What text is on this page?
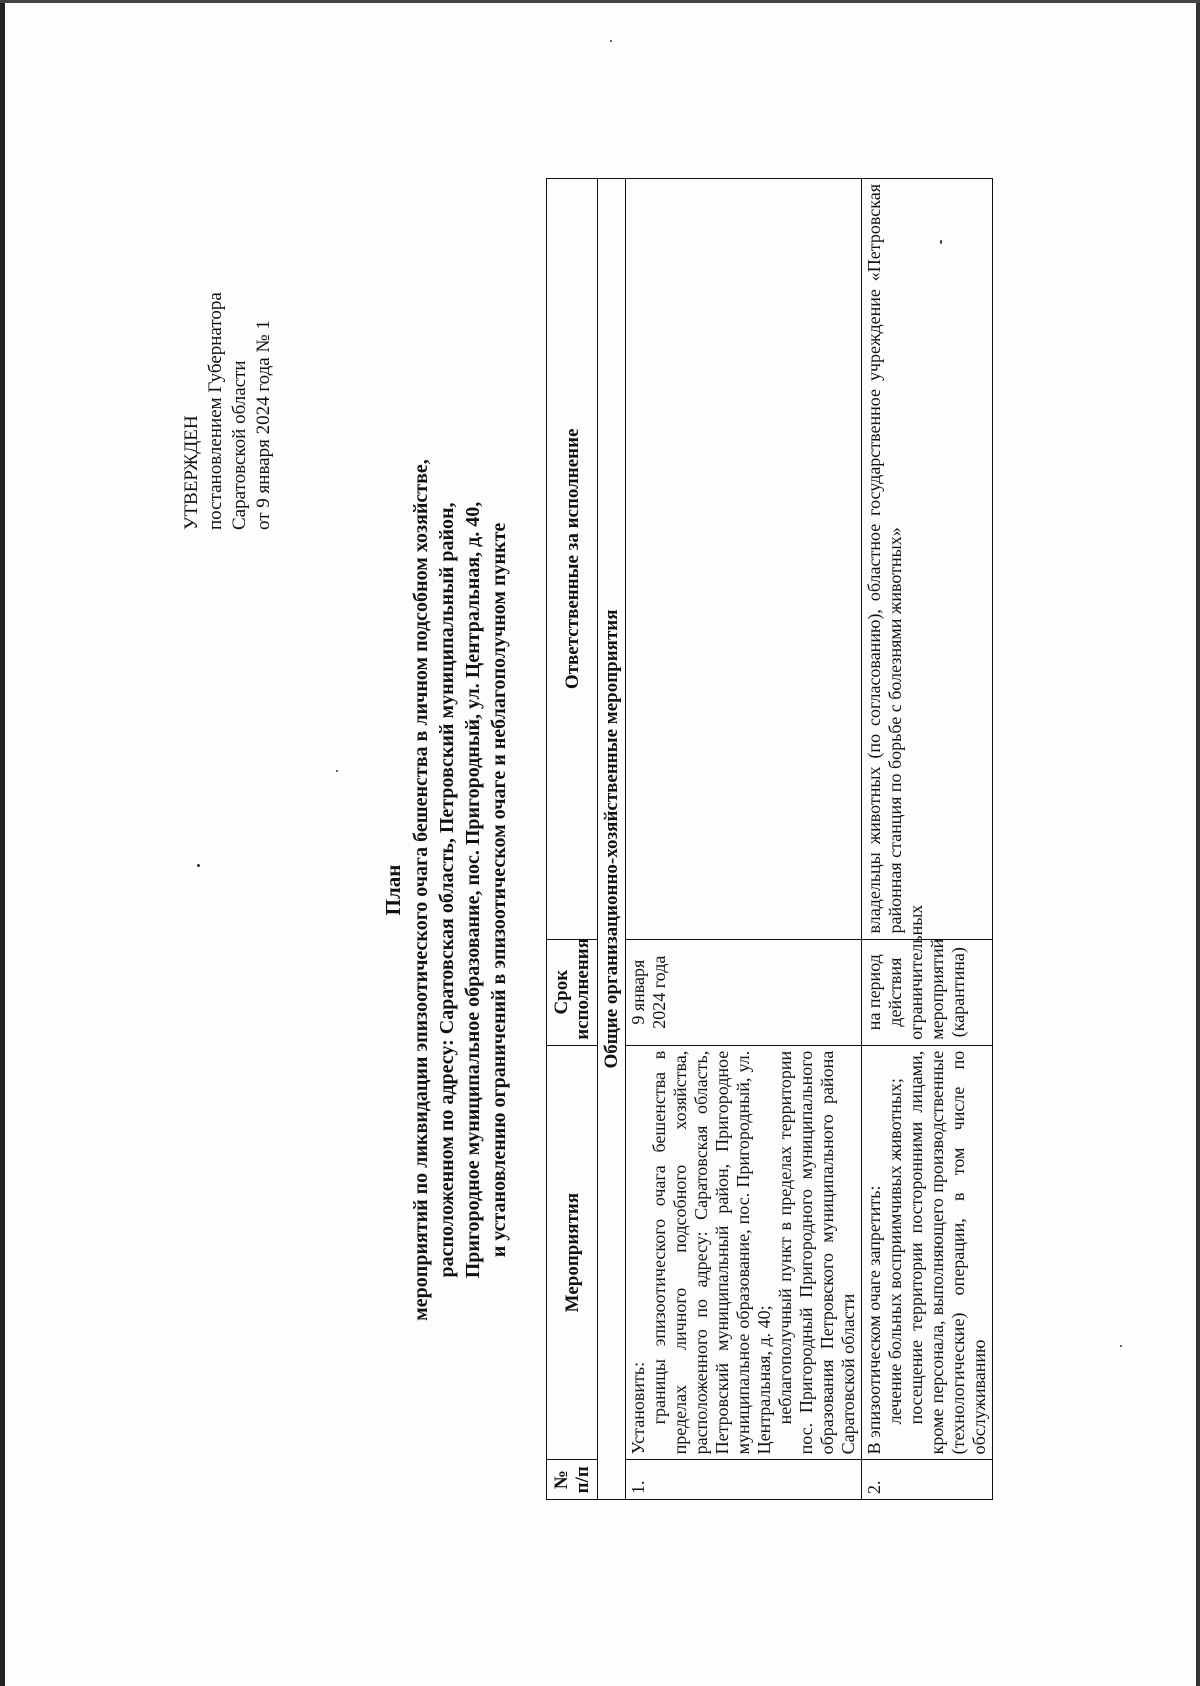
УТВЕРЖДЕН постановлением Губернатора Саратовской области от 9 января 2024 года № 1
План мероприятий по ликвидации эпизоотического очага бешенства в личном подсобном хозяйстве, расположенном по адресу: Саратовская область, Петровский муниципальный район, Пригородное муниципальное образование, пос. Пригородный, ул. Центральная, д. 40, и установлению ограничений в эпизоотическом очаге и неблагополучном пункте
№ п/п	Мероприятия	Срок исполнения	Ответственные за исполнение
Общие организационно-хозяйственные мероприятия			
1.	Установить: границы эпизоотического очага бешенства в пределах личного подсобного хозяйства, расположенного по адресу: Саратовская область, Петровский муниципальный район, Пригородное муниципальное образование, пос. Пригородный, ул. Центральная, д. 40; неблагополучный пункт в пределах территории пос. Пригородный Пригородного муниципального образования Петровского муниципального района Саратовской области	9 января 2024 года	
2.	В эпизоотическом очаге запретить: лечение больных восприимчивых животных; посещение территории посторонними лицами, кроме персонала, выполняющего производственные (технологические) операции, в том числе по обслуживанию	на период действия ограничительных мероприятий (карантина)	владельцы животных (по согласованию), областное государственное учреждение «Петровская районная станция по борьбе с болезнями животных»
